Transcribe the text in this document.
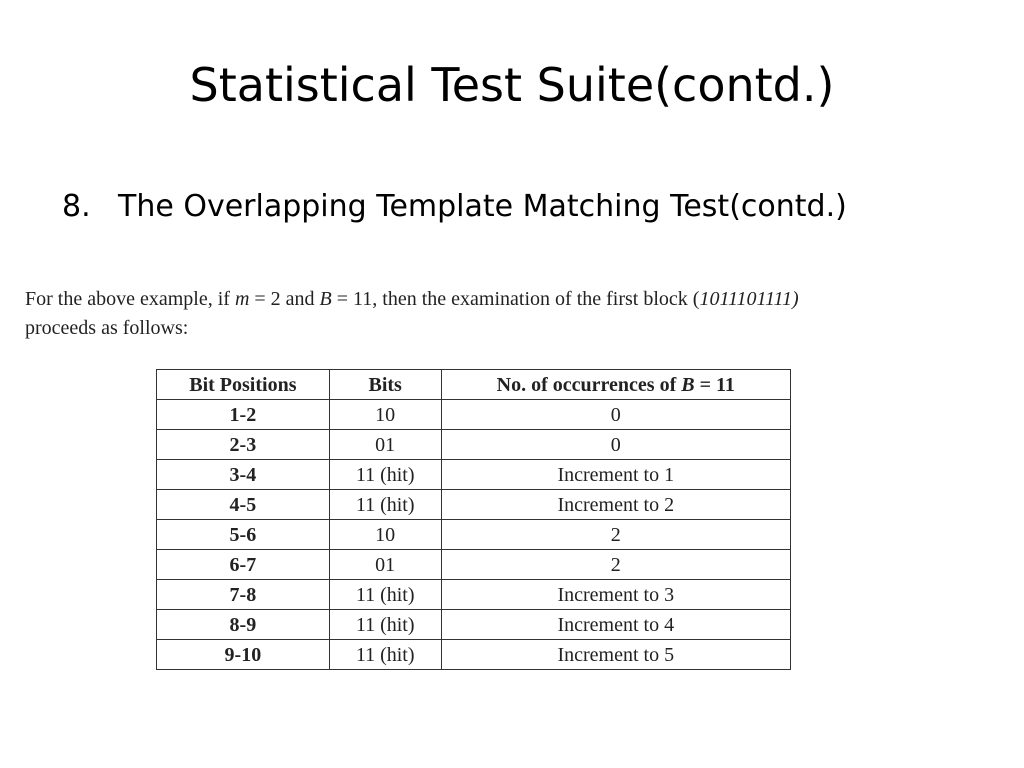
Statistical Test Suite(contd.)
8. The Overlapping Template Matching Test(contd.)
For the above example, if m = 2 and B = 11, then the examination of the first block (1011101111)
proceeds as follows:
Bit Positions	Bits	No. of occurrences of B = 11
1-2	10	0
2-3	01	0
3-4	11 (hit)	Increment to 1
4-5	11 (hit)	Increment to 2
5-6	10	2
6-7	01	2
7-8	11 (hit)	Increment to 3
8-9	11 (hit)	Increment to 4
9-10	11 (hit)	Increment to 5
